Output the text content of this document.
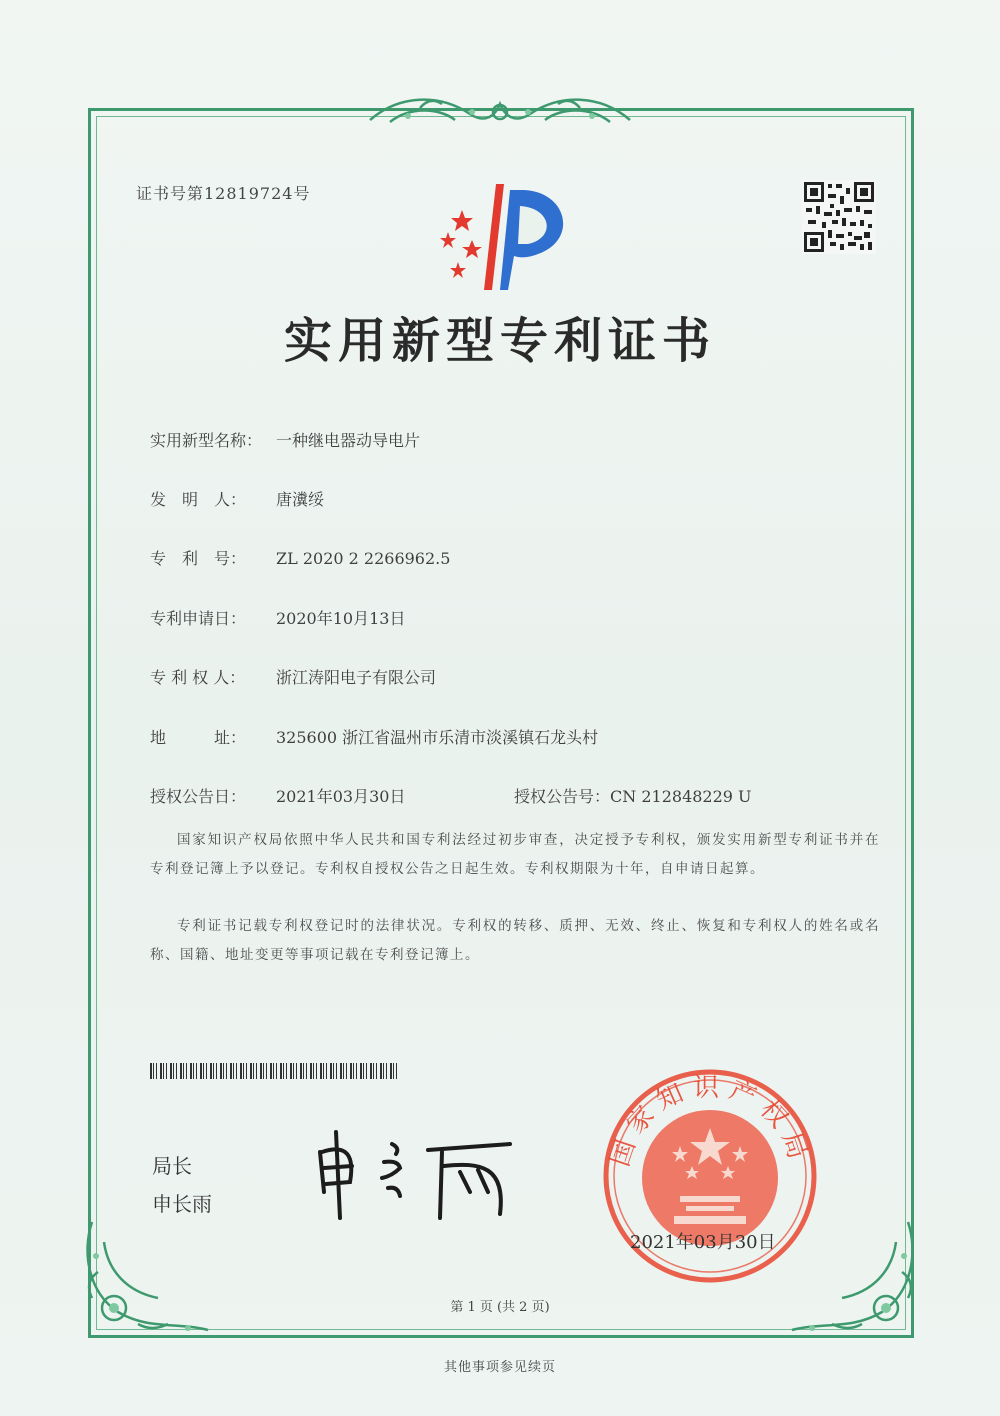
证书号第12819724号
实用新型专利证书
实用新型名称： 一种继电器动导电片
发　明　人： 唐瀵绥
专　利　号： ZL 2020 2 2266962.5
专利申请日： 2020年10月13日
专 利 权 人： 浙江涛阳电子有限公司
地　　　址： 325600 浙江省温州市乐清市淡溪镇石龙头村
授权公告日： 2021年03月30日	授权公告号：CN 212848229 U
国家知识产权局依照中华人民共和国专利法经过初步审查，决定授予专利权，颁发实用新型专利证书并在专利登记簿上予以登记。专利权自授权公告之日起生效。专利权期限为十年，自申请日起算。
专利证书记载专利权登记时的法律状况。专利权的转移、质押、无效、终止、恢复和专利权人的姓名或名称、国籍、地址变更等事项记载在专利登记簿上。
局长
申长雨
国家知识产权局
2021年03月30日
第 1 页 (共 2 页)
其他事项参见续页
